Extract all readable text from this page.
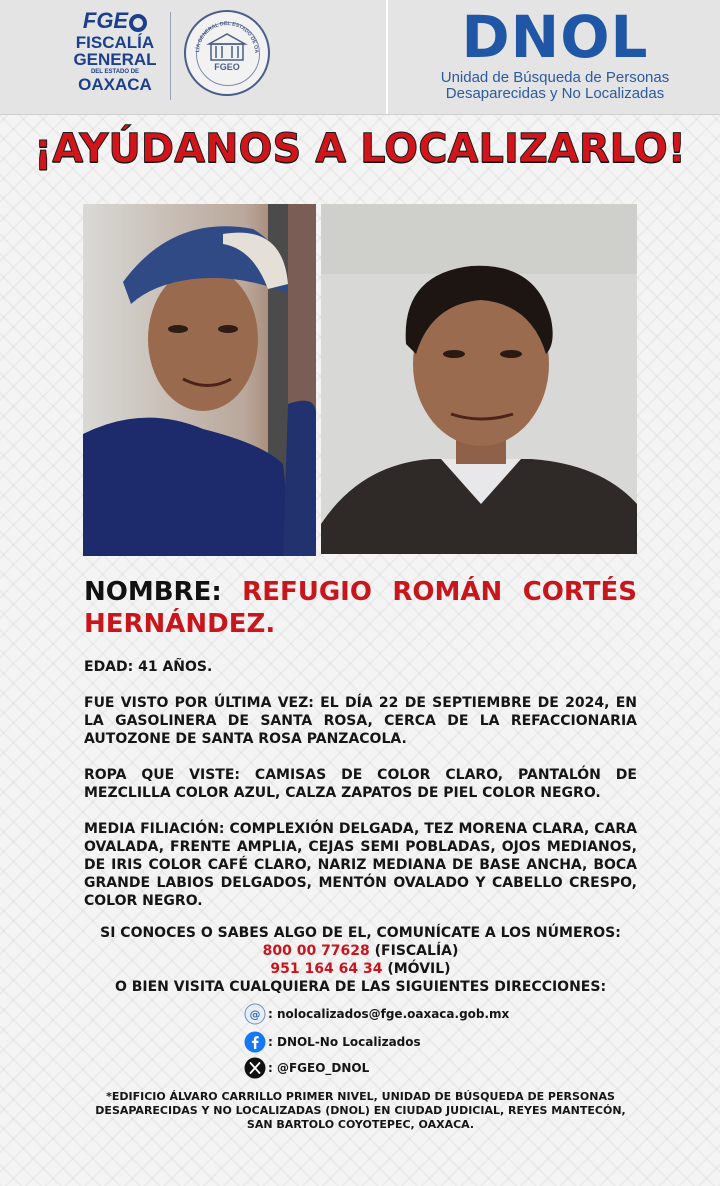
FGE
FISCALÍA
GENERAL
DEL ESTADO DE
OAXACA
FGEO
LÍA GENERAL DEL ESTADO DE OA	DNOL
Unidad de Búsqueda de Personas
Desaparecidas y No Localizadas
¡AYÚDANOS A LOCALIZARLO!
NOMBRE: REFUGIO ROMÁN CORTÉS
HERNÁNDEZ.
EDAD: 41 AÑOS.
FUE VISTO POR ÚLTIMA VEZ: EL DÍA 22 DE SEPTIEMBRE DE 2024, EN LA GASOLINERA DE SANTA ROSA, CERCA DE LA REFACCIONARIA AUTOZONE DE SANTA ROSA PANZACOLA.
ROPA QUE VISTE: CAMISAS DE COLOR CLARO, PANTALÓN DE MEZCLILLA COLOR AZUL, CALZA ZAPATOS DE PIEL COLOR NEGRO.
MEDIA FILIACIÓN: COMPLEXIÓN DELGADA, TEZ MORENA CLARA, CARA OVALADA, FRENTE AMPLIA, CEJAS SEMI POBLADAS, OJOS MEDIANOS, DE IRIS COLOR CAFÉ CLARO, NARIZ MEDIANA DE BASE ANCHA, BOCA GRANDE LABIOS DELGADOS, MENTÓN OVALADO Y CABELLO CRESPO, COLOR NEGRO.
SI CONOCES O SABES ALGO DE EL, COMUNÍCATE A LOS NÚMEROS:
800 00 77628 (FISCALÍA)
951 164 64 34 (MÓVIL)
O BIEN VISITA CUALQUIERA DE LAS SIGUIENTES DIRECCIONES:
@ : nolocalizados@fge.oaxaca.gob.mx
: DNOL-No Localizados
: @FGEO_DNOL
*EDIFICIO ÁLVARO CARRILLO PRIMER NIVEL, UNIDAD DE BÚSQUEDA DE PERSONAS DESAPARECIDAS Y NO LOCALIZADAS (DNOL) EN CIUDAD JUDICIAL, REYES MANTECÓN, SAN BARTOLO COYOTEPEC, OAXACA.
